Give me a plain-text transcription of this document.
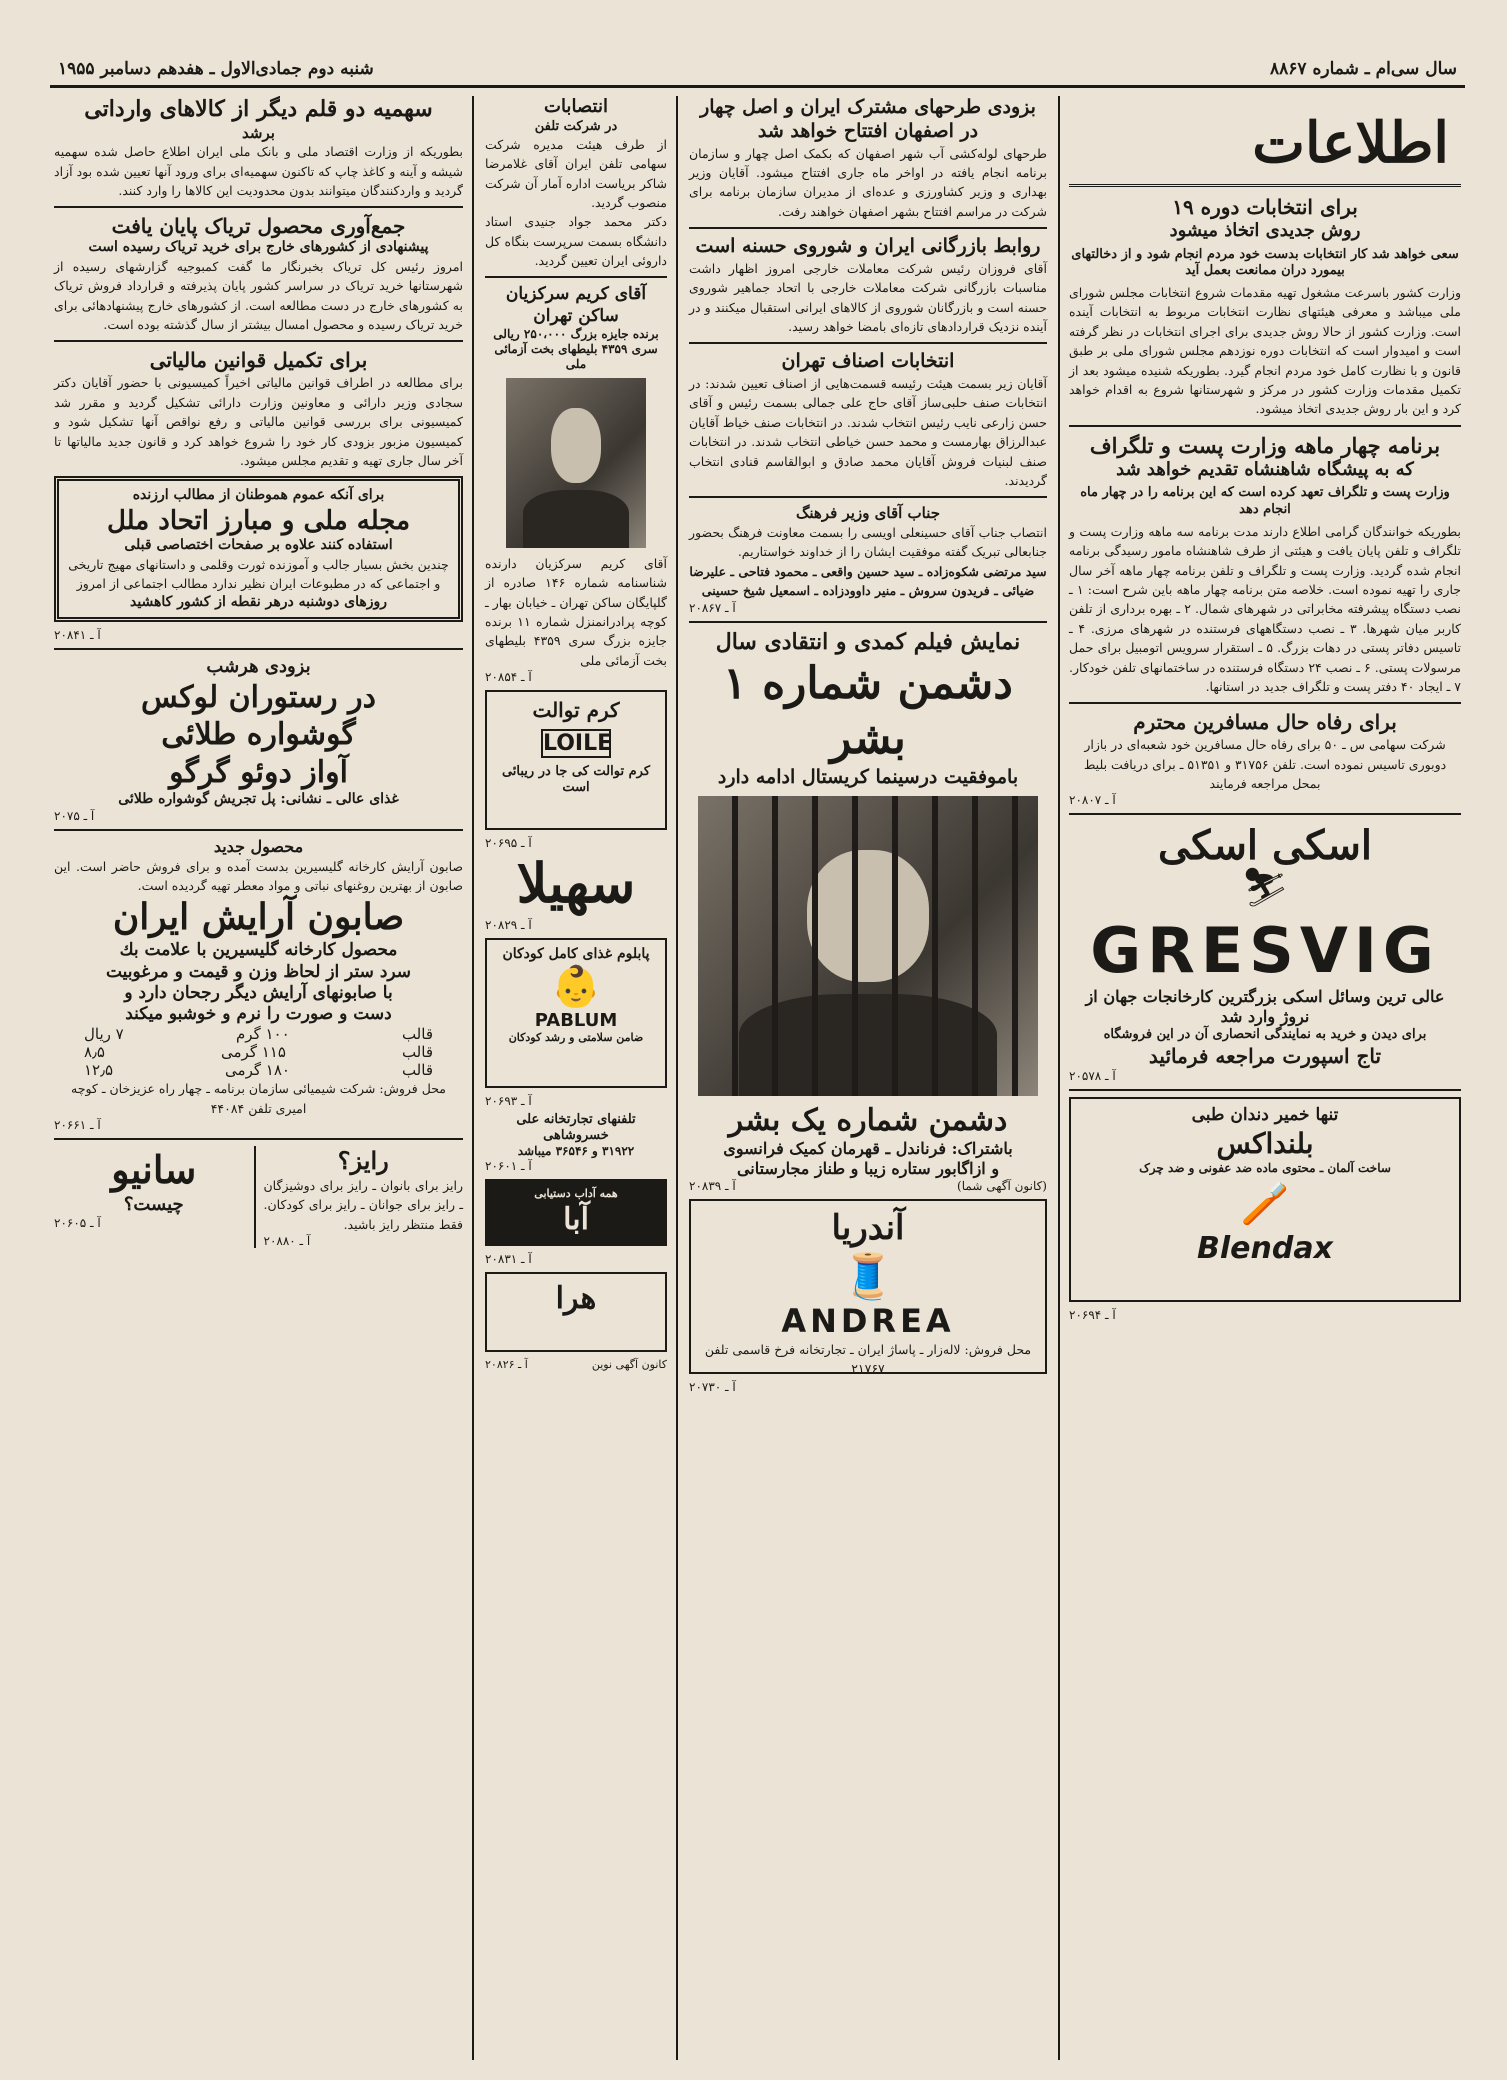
سال سی‌ام ـ شماره ۸۸۶۷
شنبه دوم جمادی‌الاول ـ هفدهم دسامبر ۱۹۵۵
اطلاعات
برای انتخابات دوره ۱۹
روش جدیدی اتخاذ میشود
سعی خواهد شد کار انتخابات بدست خود مردم انجام شود و از دخالتهای بیمورد دران ممانعت بعمل آید
وزارت کشور باسرعت مشغول تهیه مقدمات شروع انتخابات مجلس شورای ملی میباشد و معرفی هیئتهای نظارت انتخابات مربوط به انتخابات آینده است. وزارت کشور از حالا روش جدیدی برای اجرای انتخابات در نظر گرفته است و امیدوار است که انتخابات دوره نوزدهم مجلس شورای ملی بر طبق قانون و با نظارت کامل خود مردم انجام گیرد. بطوریکه شنیده میشود بعد از تکمیل مقدمات وزارت کشور در مرکز و شهرستانها شروع به اقدام خواهد کرد و این بار روش جدیدی اتخاذ میشود.
برنامه چهار ماهه وزارت پست و تلگراف
که به پیشگاه شاهنشاه تقدیم خواهد شد
وزارت پست و تلگراف تعهد کرده است که این برنامه را در چهار ماه انجام دهد
بطوریکه خوانندگان گرامی اطلاع دارند مدت برنامه سه ماهه وزارت پست و تلگراف و تلفن پایان یافت و هیئتی از طرف شاهنشاه مامور رسیدگی برنامه انجام شده گردید. وزارت پست و تلگراف و تلفن برنامه چهار ماهه آخر سال جاری را تهیه نموده است. خلاصه متن برنامه چهار ماهه باین شرح است: ۱ ـ نصب دستگاه پیشرفته مخابراتی در شهرهای شمال. ۲ ـ بهره برداری از تلفن کاربر میان شهرها. ۳ ـ نصب دستگاههای فرستنده در شهرهای مرزی. ۴ ـ تاسیس دفاتر پستی در دهات بزرگ. ۵ ـ استقرار سرویس اتومبیل برای حمل مرسولات پستی. ۶ ـ نصب ۲۴ دستگاه فرستنده در ساختمانهای تلفن خودکار. ۷ ـ ایجاد ۴۰ دفتر پست و تلگراف جدید در استانها.
برای رفاه حال مسافرین محترم
شرکت سهامی س ـ ۵۰ برای رفاه حال مسافرین خود شعبه‌ای در بازار دوبوری تاسیس نموده است. تلفن ۳۱۷۵۶ و ۵۱۳۵۱ ـ برای دریافت بلیط بمحل مراجعه فرمایند
آ ـ ۲۰۸۰۷
اسکی اسکی
⛷
GRESVIG
عالی ترین وسائل اسکی بزرگترین کارخانجات جهان از نروژ وارد شد
برای دیدن و خرید به نمایندگی انحصاری آن در این فروشگاه
تاج اسپورت مراجعه فرمائید
آ ـ ۲۰۵۷۸
تنها خمیر دندان طبی
بلنداکس
ساخت آلمان ـ محتوی ماده ضد عفونی و ضد چرک
🪥
Blendax
آ ـ ۲۰۶۹۴
بزودی طرحهای مشترک ایران و اصل چهار
در اصفهان افتتاح خواهد شد
طرحهای لوله‌کشی آب شهر اصفهان که بکمک اصل چهار و سازمان برنامه انجام یافته در اواخر ماه جاری افتتاح میشود. آقایان وزیر بهداری و وزیر کشاورزی و عده‌ای از مدیران سازمان برنامه برای شرکت در مراسم افتتاح بشهر اصفهان خواهند رفت.
روابط بازرگانی ایران و شوروی حسنه است
آقای فروزان رئیس شرکت معاملات خارجی امروز اظهار داشت مناسبات بازرگانی شرکت معاملات خارجی با اتحاد جماهیر شوروی حسنه است و بازرگانان شوروی از کالاهای ایرانی استقبال میکنند و در آینده نزدیک قراردادهای تازه‌ای بامضا خواهد رسید.
انتخابات اصناف تهران
آقایان زیر بسمت هیئت رئیسه قسمت‌هایی از اصناف تعیین شدند: در انتخابات صنف حلبی‌ساز آقای حاج علی جمالی بسمت رئیس و آقای حسن زارعی نایب رئیس انتخاب شدند. در انتخابات صنف خیاط آقایان عبدالرزاق بهارمست و محمد حسن خیاطی انتخاب شدند. در انتخابات صنف لبنیات فروش آقایان محمد صادق و ابوالقاسم قنادی انتخاب گردیدند.
جناب آقای وزیر فرهنگ
انتصاب جناب آقای حسینعلی اویسی را بسمت معاونت فرهنگ بحضور جنابعالی تبریک گفته موفقیت ایشان را از خداوند خواستاریم.
سید مرتضی شکوه‌زاده ـ سید حسین واقعی ـ محمود فتاحی ـ علیرضا ضیائی ـ فریدون سروش ـ منیر داوودزاده ـ اسمعیل شیخ حسینی
آ ـ ۲۰۸۶۷
نمایش فیلم کمدی و انتقادی سال
دشمن شماره ۱ بشر
باموفقیت درسینما کریستال ادامه دارد
دشمن شماره یک بشر
باشتراک: فرناندل ـ قهرمان کمیک فرانسوی
و ازاگابور ستاره زیبا و طناز مجارستانی
(کانون آگهی شما)
آ ـ ۲۰۸۳۹
آندریا
🧵
ANDREA
محل فروش: لاله‌زار ـ پاساژ ایران ـ تجارتخانه فرخ قاسمی تلفن ۲۱۷۶۷
آ ـ ۲۰۷۳۰
انتصابات
در شرکت تلفن
از طرف هیئت مدیره شرکت سهامی تلفن ایران آقای غلامرضا شاکر بریاست اداره آمار آن شرکت منصوب گردید.
دکتر محمد جواد جنیدی استاد دانشگاه بسمت سرپرست بنگاه کل داروئی ایران تعیین گردید.
آقای کریم سرکزیان
ساکن تهران
برنده جایزه بزرگ ۲۵۰،۰۰۰ ریالی
سری ۴۳۵۹ بلیطهای بخت آزمائی ملی
آقای کریم سرکزیان دارنده شناسنامه شماره ۱۴۶ صادره از گلپایگان ساکن تهران ـ خیابان بهار ـ کوچه پرادرانمنزل شماره ۱۱ برنده جایزه بزرگ سری ۴۳۵۹ بلیطهای بخت آزمائی ملی
آ ـ ۲۰۸۵۴
کرم توالت
LOILE
کرم توالت کی جا در ریبائی است
آ ـ ۲۰۶۹۵
سهیلا
آ ـ ۲۰۸۲۹
پابلوم غذای کامل کودکان
👶
PABLUM
ضامن سلامتی و رشد کودکان
آ ـ ۲۰۶۹۳
تلفنهای تجارتخانه علی خسروشاهی
۳۱۹۲۲ و ۳۶۵۴۶ میباشد
آ ـ ۲۰۶۰۱
همه آداب دستیابی
آبا
آ ـ ۲۰۸۳۱
هرا
کانون آگهی نوین
آ ـ ۲۰۸۲۶
سهمیه دو قلم دیگر از کالاهای وارداتی
برشد
بطوریکه از وزارت اقتصاد ملی و بانک ملی ایران اطلاع حاصل شده سهمیه شیشه و آینه و کاغذ چاپ که تاکنون سهمیه‌ای برای ورود آنها تعیین شده بود آزاد گردید و واردکنندگان میتوانند بدون محدودیت این کالاها را وارد کنند.
جمع‌آوری محصول تریاک پایان یافت
پیشنهادی از کشورهای خارج برای خرید تریاک رسیده است
امروز رئیس کل تریاک بخبرنگار ما گفت کمبوجیه گزارشهای رسیده از شهرستانها خرید تریاک در سراسر کشور پایان پذیرفته و قرارداد فروش تریاک به کشورهای خارج در دست مطالعه است. از کشورهای خارج پیشنهادهائی برای خرید تریاک رسیده و محصول امسال بیشتر از سال گذشته بوده است.
برای تکمیل قوانین مالیاتی
برای مطالعه در اطراف قوانین مالیاتی اخیراً کمیسیونی با حضور آقایان دکتر سجادی وزیر دارائی و معاونین وزارت دارائی تشکیل گردید و مقرر شد کمیسیونی برای بررسی قوانین مالیاتی و رفع نواقص آنها تشکیل شود و کمیسیون مزبور بزودی کار خود را شروع خواهد کرد و قانون جدید مالیاتها تا آخر سال جاری تهیه و تقدیم مجلس میشود.
برای آنکه عموم هموطنان از مطالب ارزنده
مجله ملی و مبارز اتحاد ملل
استفاده کنند علاوه بر صفحات اختصاصی قبلی
چندین بخش بسیار جالب و آموزنده ثورت وقلمی و داستانهای مهیج تاریخی و اجتماعی که در مطبوعات ایران نظیر ندارد مطالب اجتماعی از امروز
روزهای دوشنبه درهر نقطه از کشور کاهشید
آ ـ ۲۰۸۴۱
بزودی هرشب
در رستوران لوکس
گوشواره طلائی
آواز دوئو گرگو
غذای عالی ـ نشانی: پل تجریش گوشواره طلائی
آ ـ ۲۰۷۵
محصول جدید
صابون آرایش کارخانه گلیسیرین بدست آمده و برای فروش حاضر است. این صابون از بهترین روغنهای نباتی و مواد معطر تهیه گردیده است.
صابون آرایش ایران
محصول کارخانه گلیسیرین با علامت بك
سرد ستر از لحاظ وزن و قیمت و مرغوبیت
با صابونهای آرایش دیگر رجحان دارد و
دست و صورت را نرم و خوشبو میکند
قالب
۱۰۰ گرم
۷ ریال
قالب
۱۱۵ گرمی
۸٫۵
قالب
۱۸۰ گرمی
۱۲٫۵
محل فروش: شرکت شیمیائی سازمان برنامه ـ چهار راه عزیزخان ـ کوچه امیری تلفن ۴۴۰۸۴
آ ـ ۲۰۶۶۱
رایز؟
رایز برای بانوان ـ رایز برای دوشیزگان ـ رایز برای جوانان ـ رایز برای کودکان. فقط منتظر رایز باشید.
آ ـ ۲۰۸۸۰
سانیو
چیست؟
آ ـ ۲۰۶۰۵
